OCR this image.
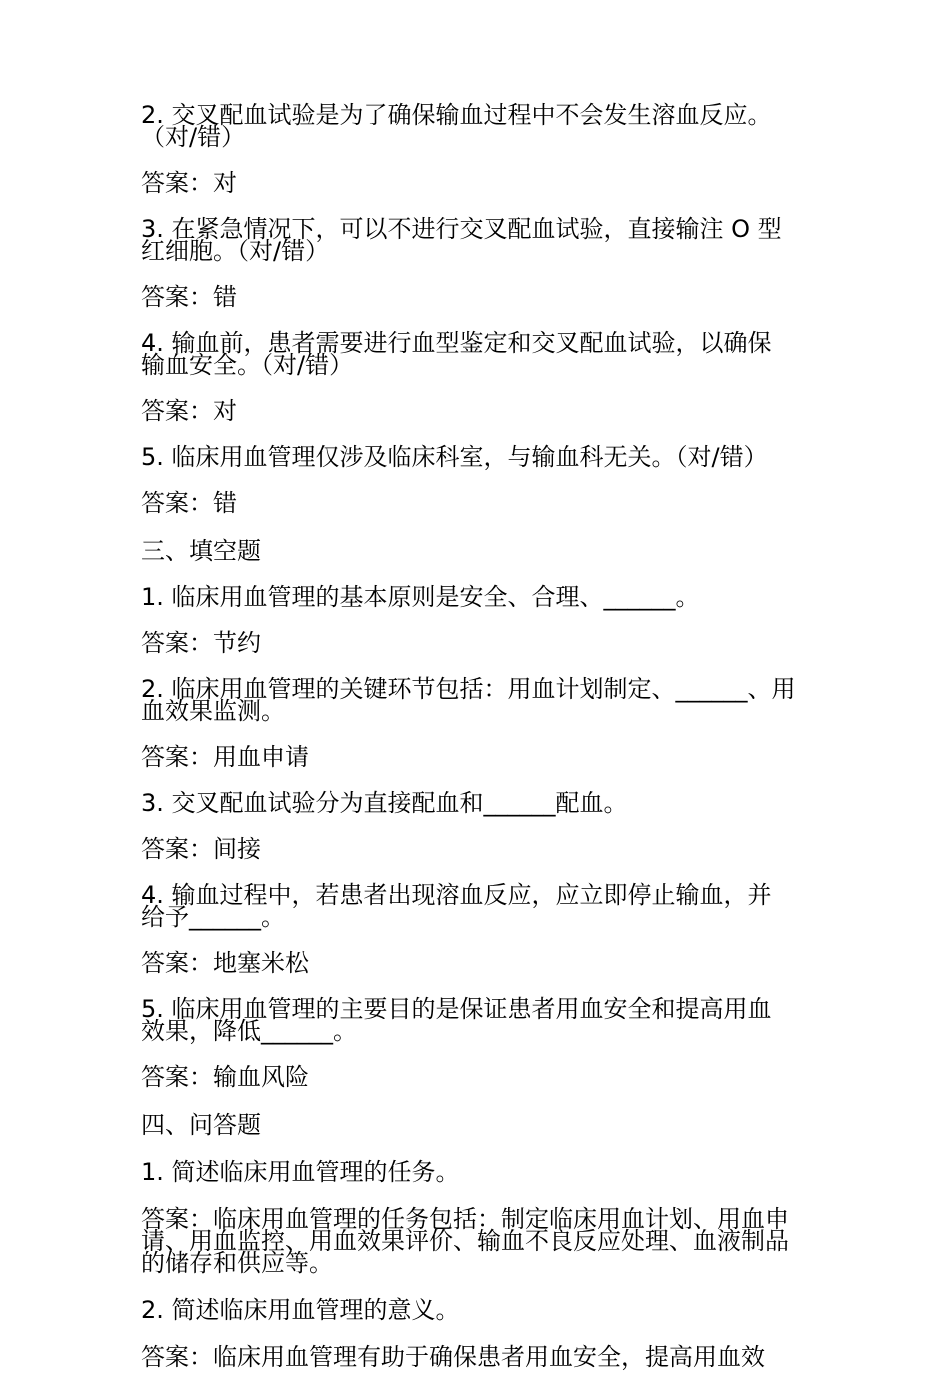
2. 交叉配血试验是为了确保输血过程中不会发生溶血反应。

（对/错）

答案：对

3. 在紧急情况下，可以不进行交叉配血试验，直接输注 O 型

红细胞。（对/错）

答案：错

4. 输血前，患者需要进行血型鉴定和交叉配血试验，以确保

输血安全。（对/错）

答案：对

5. 临床用血管理仅涉及临床科室，与输血科无关。（对/错）

答案：错

三、填空题

1. 临床用血管理的基本原则是安全、合理、______。

答案：节约

2. 临床用血管理的关键环节包括：用血计划制定、______、用

血效果监测。

答案：用血申请

3. 交叉配血试验分为直接配血和______配血。

答案：间接

4. 输血过程中，若患者出现溶血反应，应立即停止输血，并

给予______。

答案：地塞米松

5. 临床用血管理的主要目的是保证患者用血安全和提高用血

效果，降低______。

答案：输血风险

四、问答题

1. 简述临床用血管理的任务。

答案：临床用血管理的任务包括：制定临床用血计划、用血申

请、用血监控、用血效果评价、输血不良反应处理、血液制品

的储存和供应等。

2. 简述临床用血管理的意义。

答案：临床用血管理有助于确保患者用血安全，提高用血效
